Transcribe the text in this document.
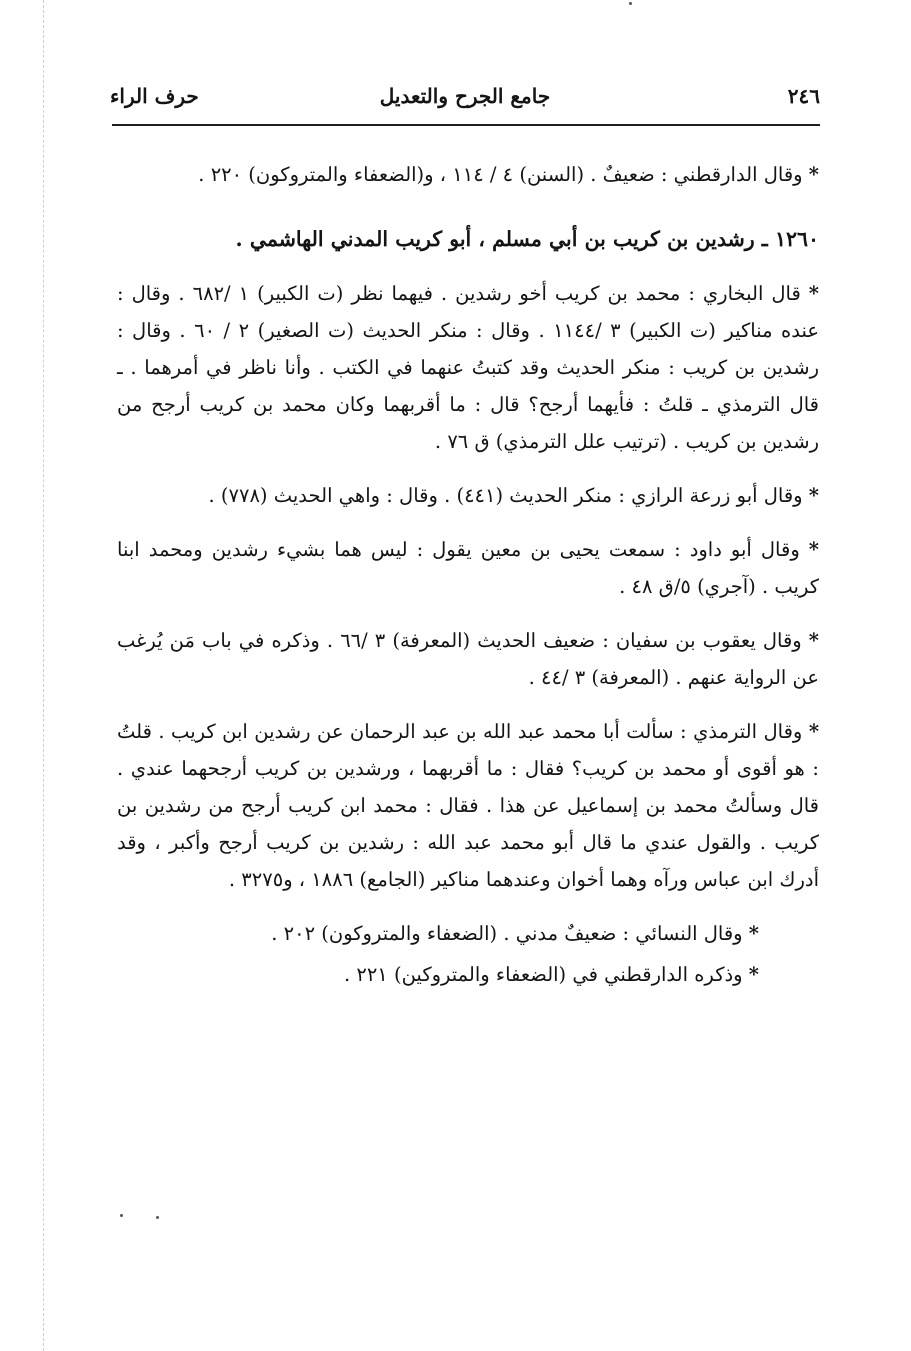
٢٤٦
جامع الجرح والتعديل
حرف الراء

* وقال الدارقطني : ضعيفٌ . (السنن) ٤ / ١١٤ ، و(الضعفاء والمتروكون) ٢٢٠ .

١٢٦٠ ـ رشدين بن كريب بن أبي مسلم ، أبو كريب المدني الهاشمي .

* قال البخاري : محمد بن كريب أخو رشدين . فيهما نظر (ت الكبير) ١ /٦٨٢ . وقال : عنده مناكير (ت الكبير) ٣ /١١٤٤ . وقال : منكر الحديث (ت الصغير) ٢ / ٦٠ . وقال : رشدين بن كريب : منكر الحديث وقد كتبتُ عنهما في الكتب . وأنا ناظر في أمرهما . ـ قال الترمذي ـ قلتُ : فأيهما أرجح؟ قال : ما أقربهما وكان محمد بن كريب أرجح من رشدين بن كريب . (ترتيب علل الترمذي) ق ٧٦ .

* وقال أبو زرعة الرازي : منكر الحديث (٤٤١) . وقال : واهي الحديث (٧٧٨) .

* وقال أبو داود : سمعت يحيى بن معين يقول : ليس هما بشيء رشدين ومحمد ابنا كريب . (آجري) ٥/ق ٤٨ .

* وقال يعقوب بن سفيان : ضعيف الحديث (المعرفة) ٣ /٦٦ . وذكره في باب مَن يُرغب عن الرواية عنهم . (المعرفة) ٣ /٤٤ .

* وقال الترمذي : سألت أبا محمد عبد الله بن عبد الرحمان عن رشدين ابن كريب . قلتُ : هو أقوى أو محمد بن كريب؟ فقال : ما أقربهما ، ورشدين بن كريب أرجحهما عندي . قال وسألتُ محمد بن إسماعيل عن هذا . فقال : محمد ابن كريب أرجح من رشدين بن كريب . والقول عندي ما قال أبو محمد عبد الله : رشدين بن كريب أرجح وأكبر ، وقد أدرك ابن عباس ورآه وهما أخوان وعندهما مناكير (الجامع) ١٨٨٦ ، و٣٢٧٥ .

* وقال النسائي : ضعيفٌ مدني . (الضعفاء والمتروكون) ٢٠٢ .

* وذكره الدارقطني في (الضعفاء والمتروكين) ٢٢١ .
